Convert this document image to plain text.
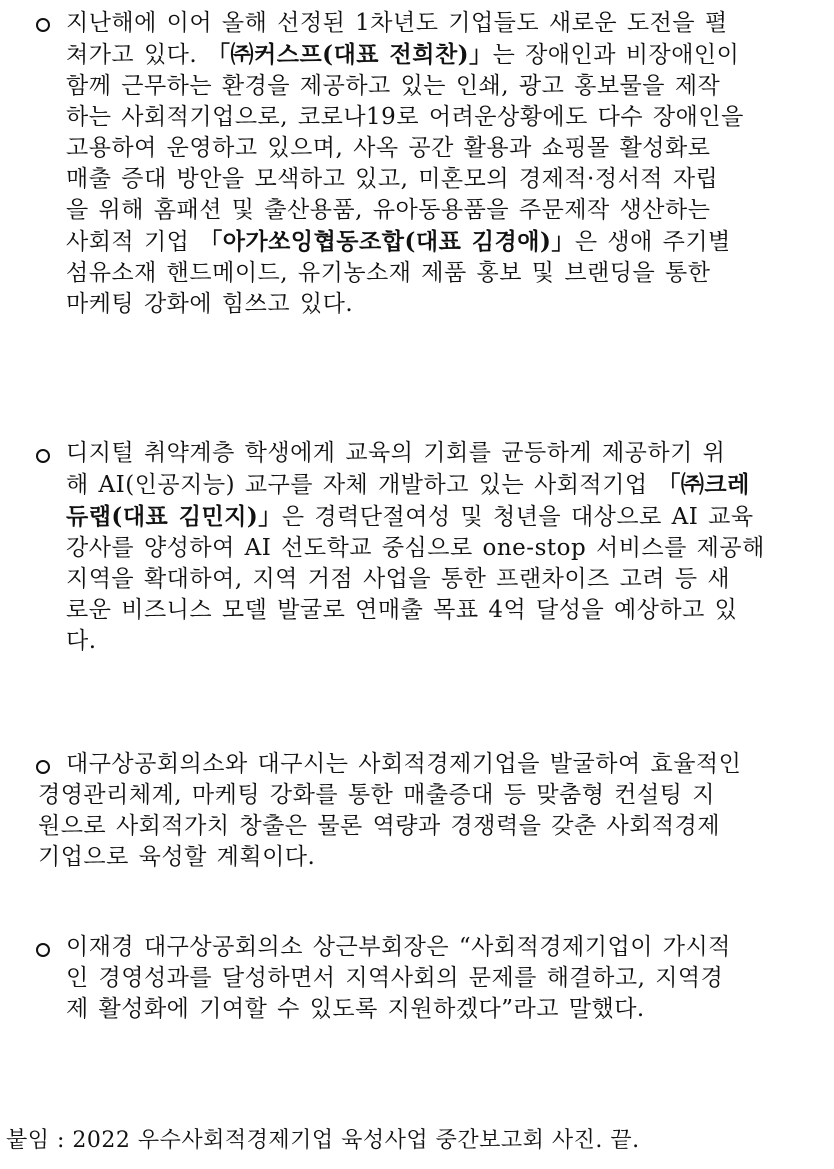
지난해에 이어 올해 선정된 1차년도 기업들도 새로운 도전을 펼
쳐가고 있다. 「㈜커스프(대표 전희찬)」는 장애인과 비장애인이
함께 근무하는 환경을 제공하고 있는 인쇄, 광고 홍보물을 제작
하는 사회적기업으로, 코로나19로 어려운상황에도 다수 장애인을
고용하여 운영하고 있으며, 사옥 공간 활용과 쇼핑몰 활성화로
매출 증대 방안을 모색하고 있고, 미혼모의 경제적·정서적 자립
을 위해 홈패션 및 출산용품, 유아동용품을 주문제작 생산하는
사회적 기업 「아가쏘잉협동조합(대표 김경애)」은 생애 주기별
섬유소재 핸드메이드, 유기농소재 제품 홍보 및 브랜딩을 통한
마케팅 강화에 힘쓰고 있다.
디지털 취약계층 학생에게 교육의 기회를 균등하게 제공하기 위
해 AI(인공지능) 교구를 자체 개발하고 있는 사회적기업 「㈜크레
듀랩(대표 김민지)」은 경력단절여성 및 청년을 대상으로 AI 교육
강사를 양성하여 AI 선도학교 중심으로 one-stop 서비스를 제공해
지역을 확대하여, 지역 거점 사업을 통한 프랜차이즈 고려 등 새
로운 비즈니스 모델 발굴로 연매출 목표 4억 달성을 예상하고 있
다.
대구상공회의소와 대구시는 사회적경제기업을 발굴하여 효율적인
경영관리체계, 마케팅 강화를 통한 매출증대 등 맞춤형 컨설팅 지
원으로 사회적가치 창출은 물론 역량과 경쟁력을 갖춘 사회적경제
기업으로 육성할 계획이다.
이재경 대구상공회의소 상근부회장은 “사회적경제기업이 가시적
인 경영성과를 달성하면서 지역사회의 문제를 해결하고, 지역경
제 활성화에 기여할 수 있도록 지원하겠다”라고 말했다.
붙임 : 2022 우수사회적경제기업 육성사업 중간보고회 사진. 끝.
